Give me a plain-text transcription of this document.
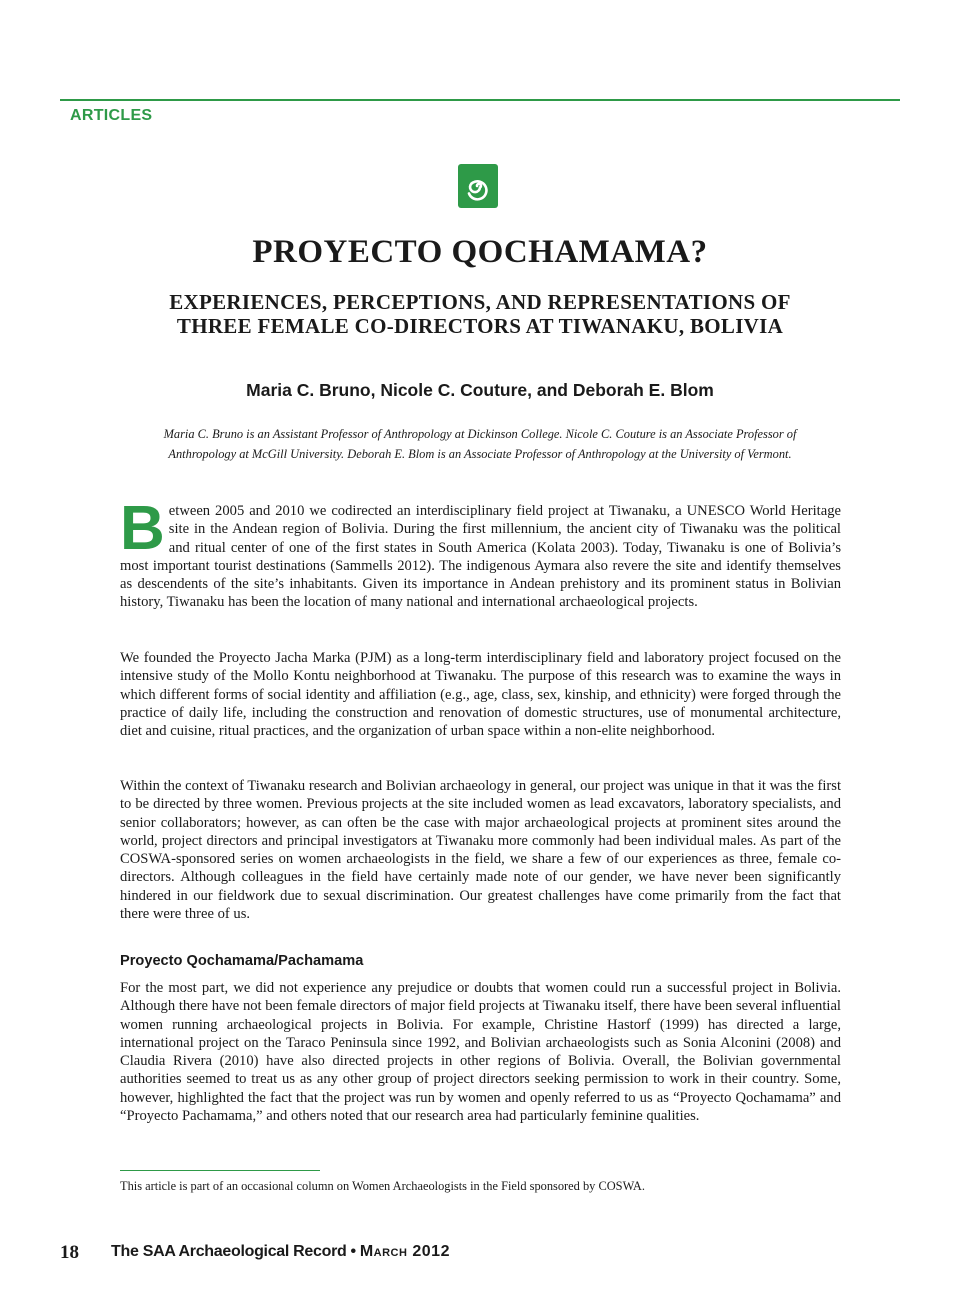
ARTICLES
PROYECTO QOCHAMAMA?
EXPERIENCES, PERCEPTIONS, AND REPRESENTATIONS OF
THREE FEMALE CO-DIRECTORS AT TIWANAKU, BOLIVIA
Maria C. Bruno, Nicole C. Couture, and Deborah E. Blom
Maria C. Bruno is an Assistant Professor of Anthropology at Dickinson College. Nicole C. Couture is an Associate Professor of
Anthropology at McGill University. Deborah E. Blom is an Associate Professor of Anthropology at the University of Vermont.
Between 2005 and 2010 we codirected an interdisciplinary field project at Tiwanaku, a UNESCO World Heritage site in the Andean region of Bolivia. During the first millennium, the ancient city of Tiwanaku was the political and ritual center of one of the first states in South America (Kolata 2003). Today, Tiwanaku is one of Bolivia’s most important tourist destinations (Sammells 2012). The indigenous Aymara also revere the site and identify themselves as descendents of the site’s inhabitants. Given its importance in Andean prehistory and its prominent status in Bolivian history, Tiwanaku has been the location of many national and international archaeological projects.
We founded the Proyecto Jacha Marka (PJM) as a long-term interdisciplinary field and laboratory project focused on the intensive study of the Mollo Kontu neighborhood at Tiwanaku. The purpose of this research was to examine the ways in which different forms of social identity and affiliation (e.g., age, class, sex, kinship, and ethnicity) were forged through the practice of daily life, including the construction and renovation of domestic structures, use of monumental architecture, diet and cuisine, ritual practices, and the organization of urban space within a non-elite neighborhood.
Within the context of Tiwanaku research and Bolivian archaeology in general, our project was unique in that it was the first to be directed by three women. Previous projects at the site included women as lead excavators, laboratory specialists, and senior collaborators; however, as can often be the case with major archaeological projects at prominent sites around the world, project directors and principal investigators at Tiwanaku more commonly had been individual males. As part of the COSWA-sponsored series on women archaeologists in the field, we share a few of our experiences as three, female co-directors. Although colleagues in the field have certainly made note of our gender, we have never been significantly hindered in our fieldwork due to sexual discrimination. Our greatest challenges have come primarily from the fact that there were three of us.
Proyecto Qochamama/Pachamama
For the most part, we did not experience any prejudice or doubts that women could run a successful project in Bolivia. Although there have not been female directors of major field projects at Tiwanaku itself, there have been several influential women running archaeological projects in Bolivia. For example, Christine Hastorf (1999) has directed a large, international project on the Taraco Peninsula since 1992, and Bolivian archaeologists such as Sonia Alconini (2008) and Claudia Rivera (2010) have also directed projects in other regions of Bolivia. Overall, the Bolivian governmental authorities seemed to treat us as any other group of project directors seeking permission to work in their country. Some, however, highlighted the fact that the project was run by women and openly referred to us as “Proyecto Qochamama” and “Proyecto Pachamama,” and others noted that our research area had particularly feminine qualities.
This article is part of an occasional column on Women Archaeologists in the Field sponsored by COSWA.
18 The SAA Archaeological Record • March 2012
